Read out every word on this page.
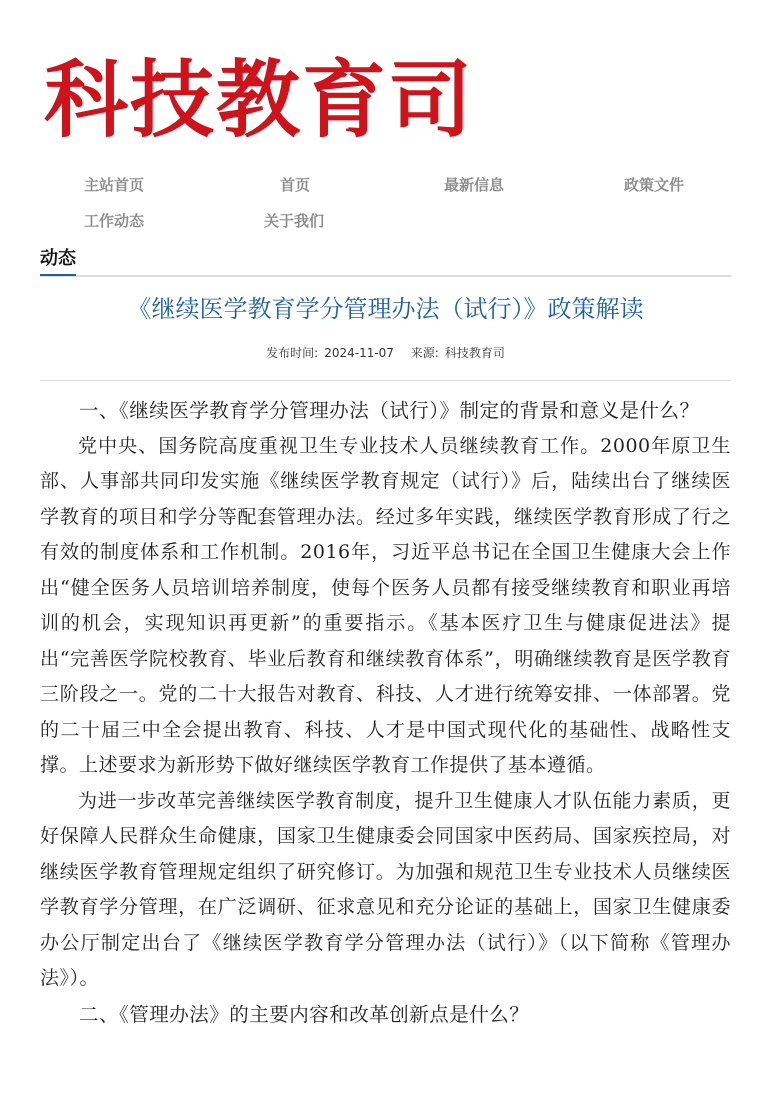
科技教育司
主站首页	首页	最新信息	政策文件
工作动态	关于我们
动态
《继续医学教育学分管理办法（试行）》政策解读
发布时间: 2024-11-07 来源: 科技教育司

一、《继续医学教育学分管理办法（试行）》制定的背景和意义是什么？

党中央、国务院高度重视卫生专业技术人员继续教育工作。2000年原卫生部、人事部共同印发实施《继续医学教育规定（试行）》后，陆续出台了继续医学教育的项目和学分等配套管理办法。经过多年实践，继续医学教育形成了行之有效的制度体系和工作机制。2016年，习近平总书记在全国卫生健康大会上作出“健全医务人员培训培养制度，使每个医务人员都有接受继续教育和职业再培训的机会，实现知识再更新”的重要指示。《基本医疗卫生与健康促进法》提出“完善医学院校教育、毕业后教育和继续教育体系”，明确继续教育是医学教育三阶段之一。党的二十大报告对教育、科技、人才进行统筹安排、一体部署。党的二十届三中全会提出教育、科技、人才是中国式现代化的基础性、战略性支撑。上述要求为新形势下做好继续医学教育工作提供了基本遵循。

为进一步改革完善继续医学教育制度，提升卫生健康人才队伍能力素质，更好保障人民群众生命健康，国家卫生健康委会同国家中医药局、国家疾控局，对继续医学教育管理规定组织了研究修订。为加强和规范卫生专业技术人员继续医学教育学分管理，在广泛调研、征求意见和充分论证的基础上，国家卫生健康委办公厅制定出台了《继续医学教育学分管理办法（试行）》（以下简称《管理办法》）。

二、《管理办法》的主要内容和改革创新点是什么？
